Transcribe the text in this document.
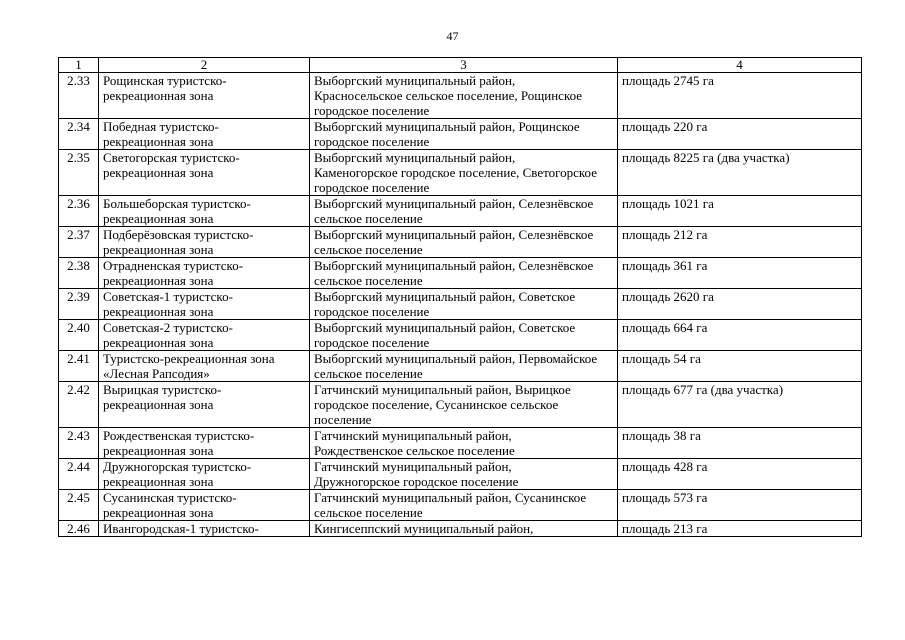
47
1	2	3	4
2.33	Рощинская туристско-
рекреационная зона	Выборгский муниципальный район,
Красносельское сельское поселение, Рощинское
городское поселение	площадь 2745 га

2.34	Победная туристско-
рекреационная зона	Выборгский муниципальный район, Рощинское
городское поселение	площадь 220 га

2.35	Светогорская туристско-
рекреационная зона	Выборгский муниципальный район,
Каменогорское городское поселение, Светогорское
городское поселение	площадь 8225 га (два участка)

2.36	Большеборская туристско-
рекреационная зона	Выборгский муниципальный район, Селезнёвское
сельское поселение	площадь 1021 га

2.37	Подберёзовская туристско-
рекреационная зона	Выборгский муниципальный район, Селезнёвское
сельское поселение	площадь 212 га

2.38	Отрадненская туристско-
рекреационная зона	Выборгский муниципальный район, Селезнёвское
сельское поселение	площадь 361 га

2.39	Советская-1 туристско-
рекреационная зона	Выборгский муниципальный район, Советское
городское поселение	площадь 2620 га

2.40	Советская-2 туристско-
рекреационная зона	Выборгский муниципальный район, Советское
городское поселение	площадь 664 га

2.41	Туристско-рекреационная зона
«Лесная Рапсодия»	Выборгский муниципальный район, Первомайское
сельское поселение	площадь 54 га

2.42	Вырицкая туристско-
рекреационная зона	Гатчинский муниципальный район, Вырицкое
городское поселение, Сусанинское сельское
поселение	площадь 677 га (два участка)

2.43	Рождественская туристско-
рекреационная зона	Гатчинский муниципальный район,
Рождественское сельское поселение	площадь 38 га

2.44	Дружногорская туристско-
рекреационная зона	Гатчинский муниципальный район,
Дружногорское городское поселение	площадь 428 га

2.45	Сусанинская туристско-
рекреационная зона	Гатчинский муниципальный район, Сусанинское
сельское поселение	площадь 573 га

2.46	Ивангородская-1 туристско-	Кингисеппский муниципальный район,	площадь 213 га
